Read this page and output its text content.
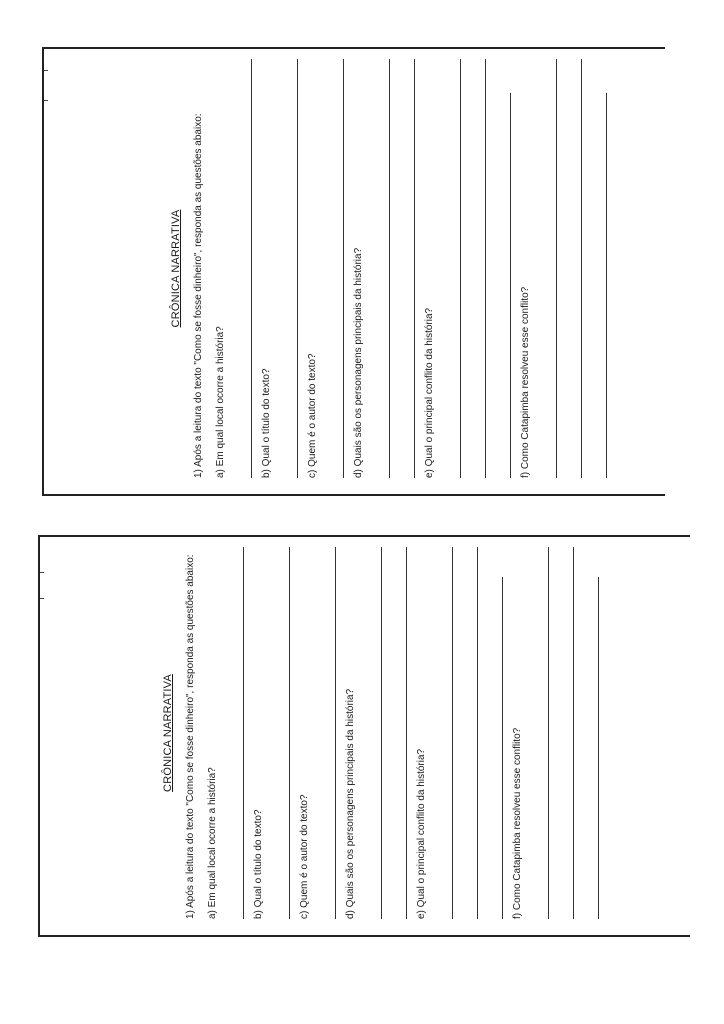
CRÔNICA NARRATIVA 1) Após a leitura do texto "Como se fosse dinheiro", responda as questões abaixo: a) Em qual local ocorre a história?	b) Qual o título do texto?	c) Quem é o autor do texto?	d) Quais são os personagens principais da história?	e) Qual o principal conflito da história?	f) Como Catapimba resolveu esse conflito?
CRÔNICA NARRATIVA 1) Após a leitura do texto "Como se fosse dinheiro", responda as questões abaixo: a) Em qual local ocorre a história?	b) Qual o título do texto?	c) Quem é o autor do texto?	d) Quais são os personagens principais da história?	e) Qual o principal conflito da história?	f) Como Catapimba resolveu esse conflito?
